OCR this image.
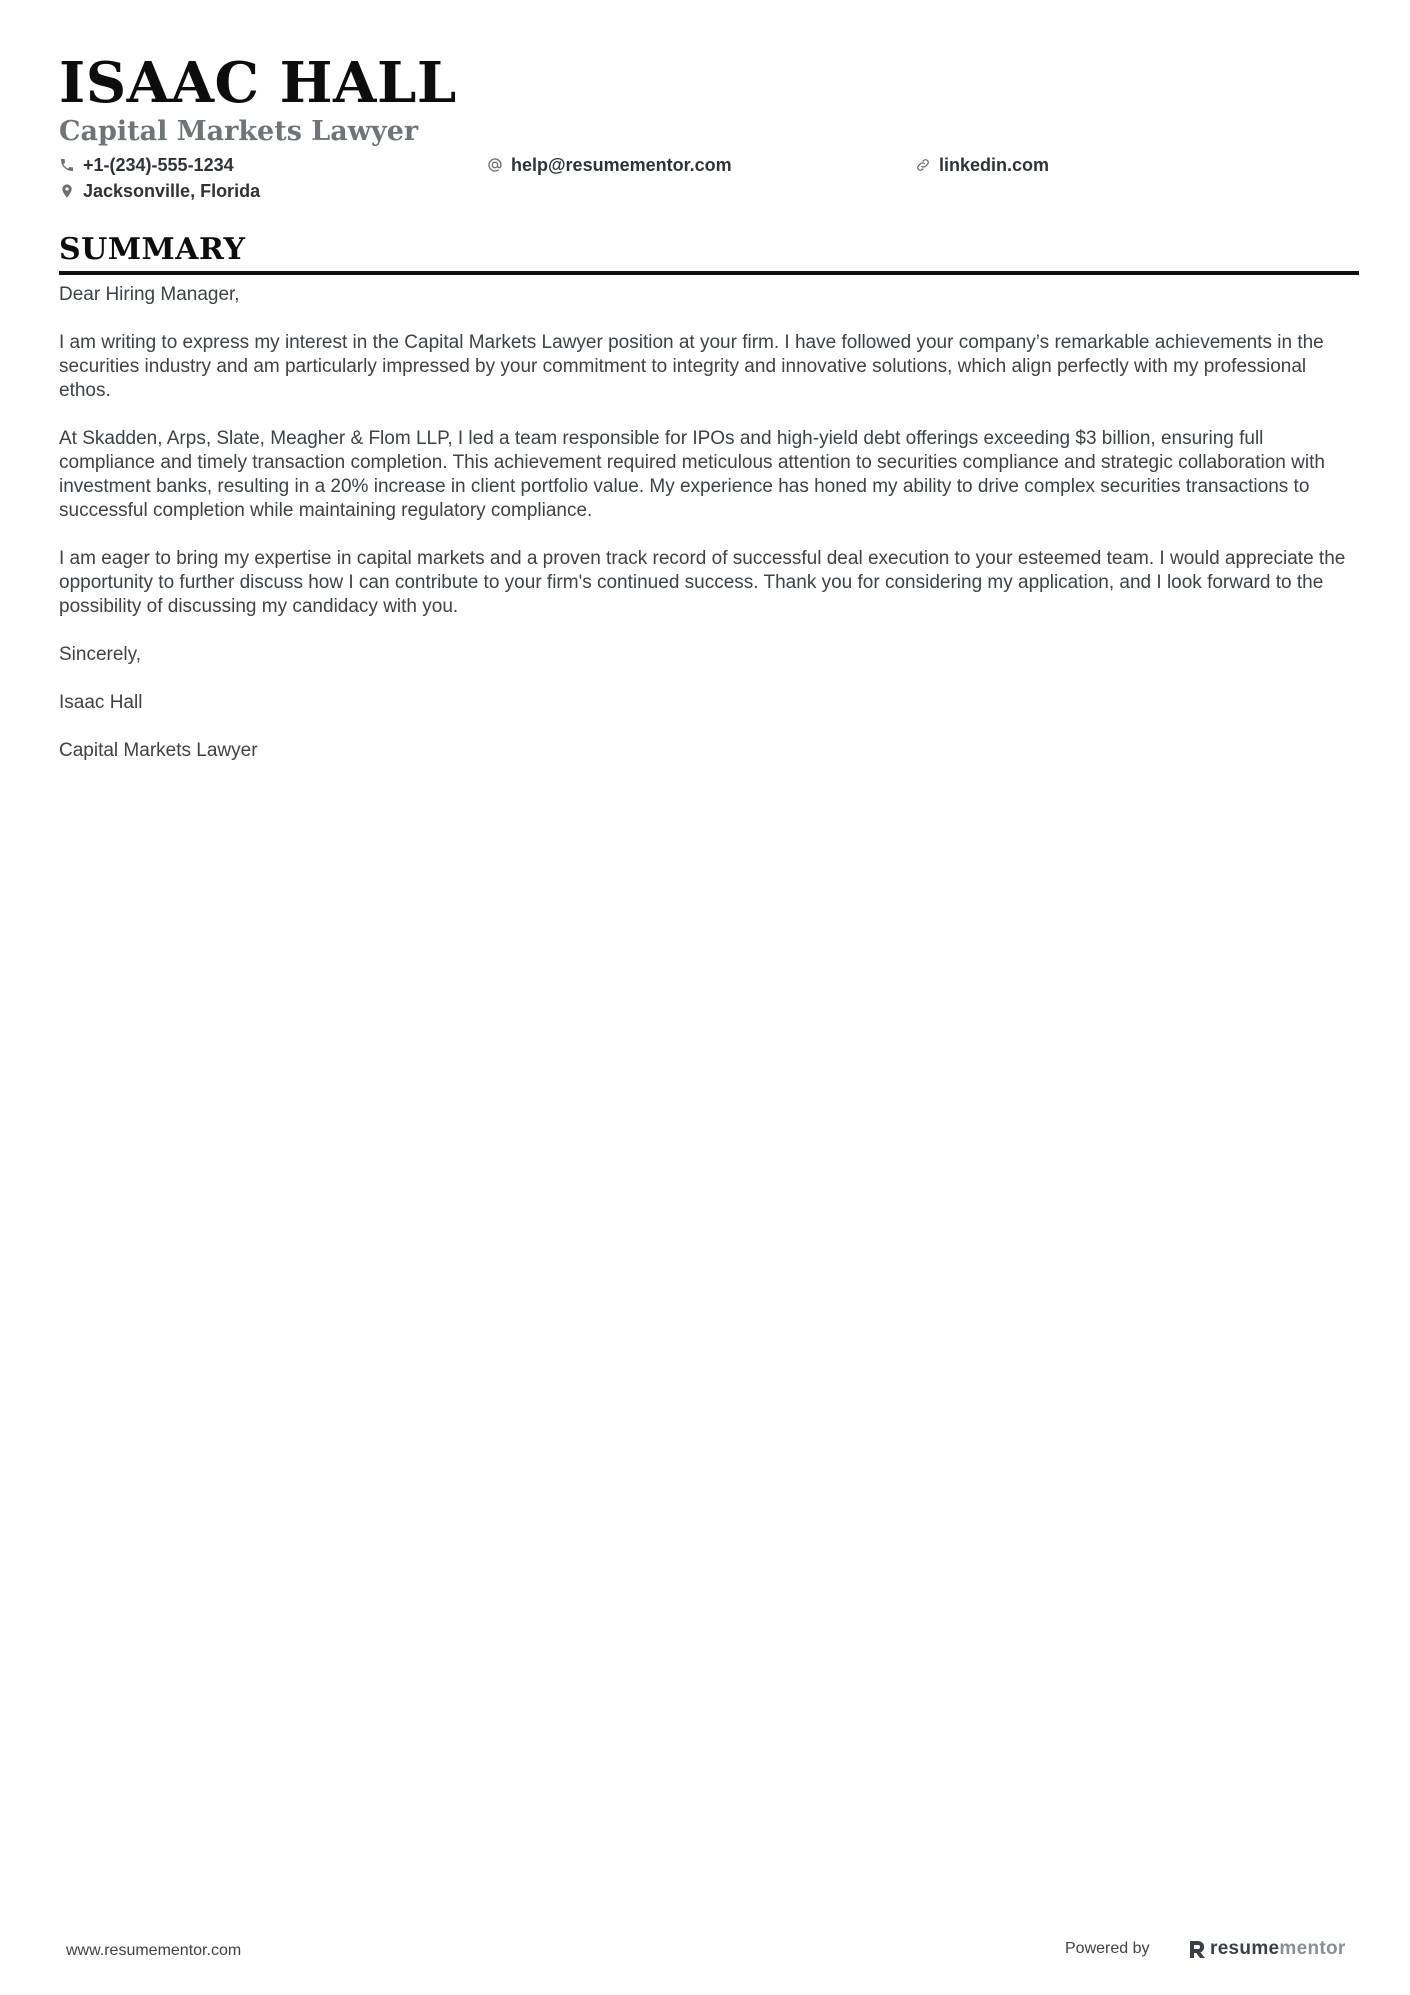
ISAAC HALL
Capital Markets Lawyer
+1-(234)-555-1234	help@resumementor.com	linkedin.com
Jacksonville, Florida
SUMMARY

Dear Hiring Manager,

I am writing to express my interest in the Capital Markets Lawyer position at your firm. I have followed your company’s remarkable achievements in the securities industry and am particularly impressed by your commitment to integrity and innovative solutions, which align perfectly with my professional ethos.

At Skadden, Arps, Slate, Meagher & Flom LLP, I led a team responsible for IPOs and high-yield debt offerings exceeding $3 billion, ensuring full compliance and timely transaction completion. This achievement required meticulous attention to securities compliance and strategic collaboration with investment banks, resulting in a 20% increase in client portfolio value. My experience has honed my ability to drive complex securities transactions to successful completion while maintaining regulatory compliance.

I am eager to bring my expertise in capital markets and a proven track record of successful deal execution to your esteemed team. I would appreciate the opportunity to further discuss how I can contribute to your firm's continued success. Thank you for considering my application, and I look forward to the possibility of discussing my candidacy with you.

Sincerely,

Isaac Hall

Capital Markets Lawyer

www.resumementor.com	Powered by	resume mentor
